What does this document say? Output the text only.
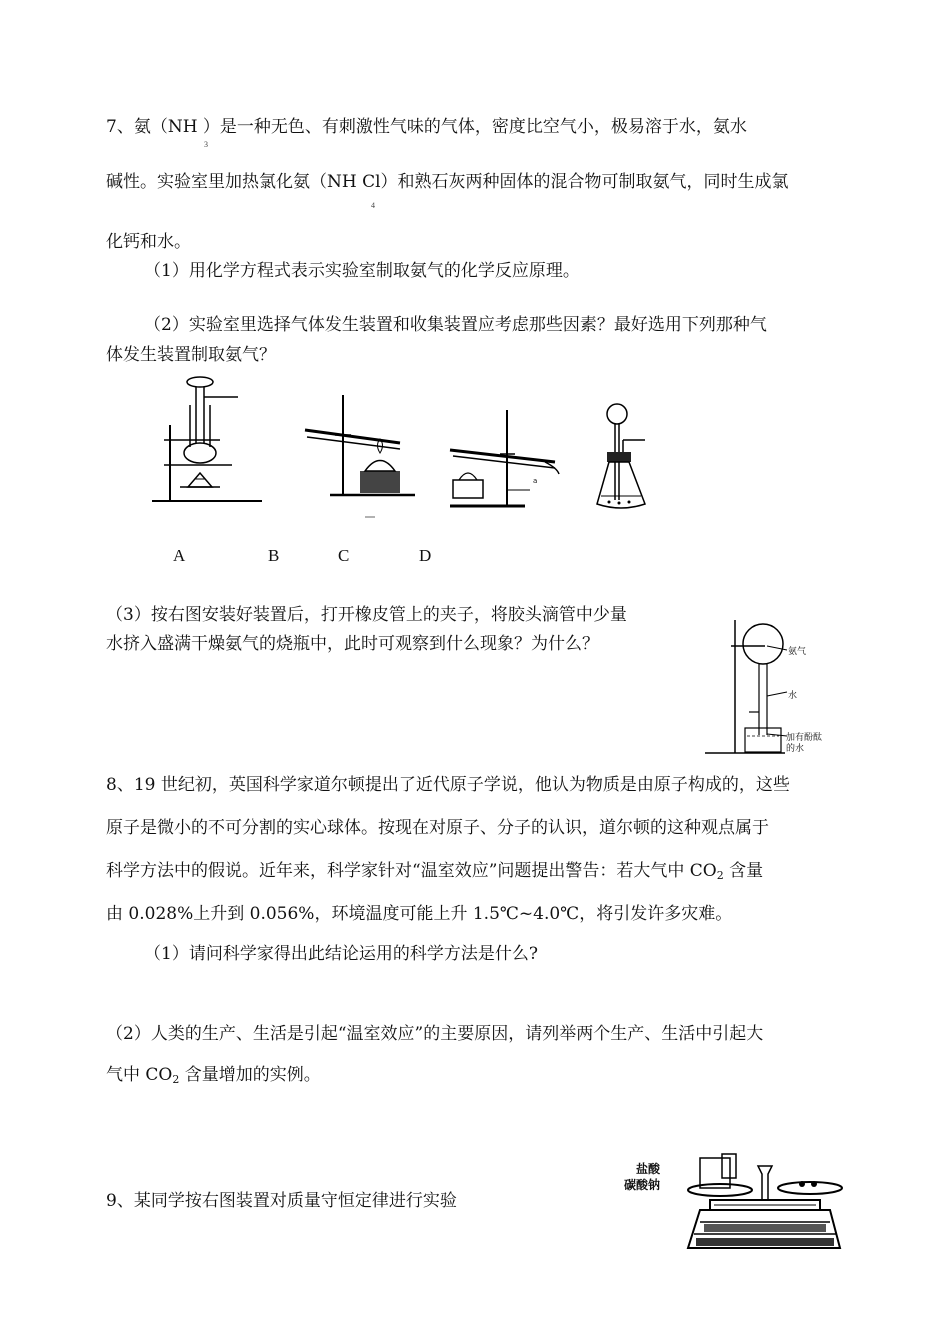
7、氨（NH ）是一种无色、有刺激性气味的气体，密度比空气小，极易溶于水，氨水
3
碱性。实验室里加热氯化氨（NH Cl）和熟石灰两种固体的混合物可制取氨气，同时生成氯
4
化钙和水。
（1）用化学方程式表示实验室制取氨气的化学反应原理。
（2）实验室里选择气体发生装置和收集装置应考虑那些因素？最好选用下列那种气
体发生装置制取氨气？
a
A	B	C	D
（3）按右图安装好装置后，打开橡皮管上的夹子，将胶头滴管中少量
水挤入盛满干燥氨气的烧瓶中，此时可观察到什么现象？为什么？	氨气
水
加有酚酞
的水
8、19 世纪初，英国科学家道尔顿提出了近代原子学说，他认为物质是由原子构成的，这些
原子是微小的不可分割的实心球体。按现在对原子、分子的认识，道尔顿的这种观点属于
科学方法中的假说。近年来，科学家针对“温室效应”问题提出警告：若大气中 $CO_2$ 含量
由 0.028%上升到 0.056%，环境温度可能上升 1.5℃~4.0℃，将引发许多灾难。
（1）请问科学家得出此结论运用的科学方法是什么?
（2）人类的生产、生活是引起“温室效应”的主要原因，请列举两个生产、生活中引起大
气中 $CO_2$ 含量增加的实例。
9、某同学按右图装置对质量守恒定律进行实验
盐酸
碳酸钠
